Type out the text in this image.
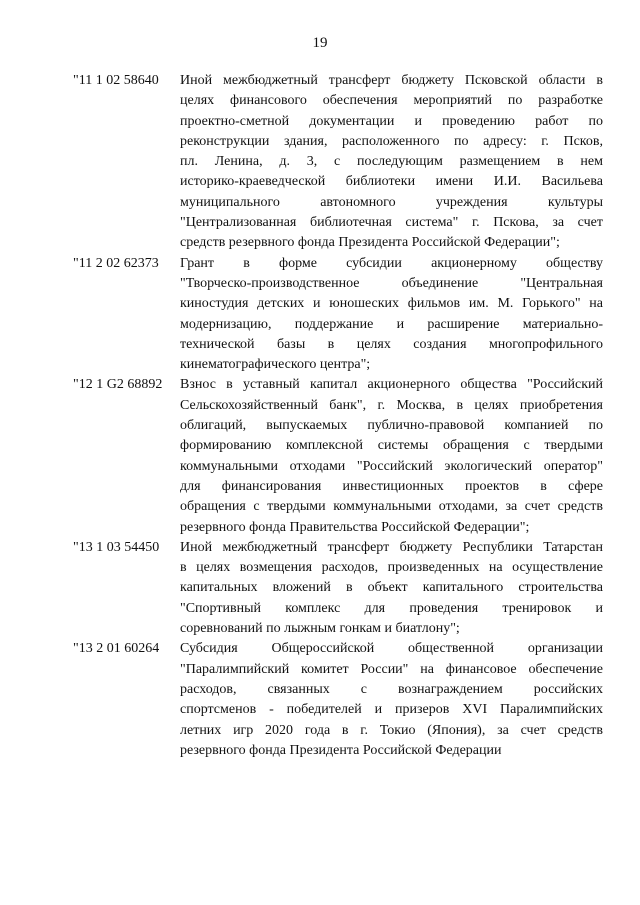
19
"11 1 02 58640	Иной межбюджетный трансферт бюджету Псковской области в
целях финансового обеспечения мероприятий по разработке
проектно-сметной документации и проведению работ по
реконструкции здания, расположенного по адресу: г. Псков,
пл. Ленина, д. 3, с последующим размещением в нем
историко-краеведческой библиотеки имени И.И. Васильева
муниципального автономного учреждения культуры
"Централизованная библиотечная система" г. Пскова, за счет
средств резервного фонда Президента Российской Федерации";
"11 2 02 62373	Грант в форме субсидии акционерному обществу
"Творческо-производственное объединение "Центральная
киностудия детских и юношеских фильмов им. М. Горького" на
модернизацию, поддержание и расширение материально-
технической базы в целях создания многопрофильного
кинематографического центра";
"12 1 G2 68892	Взнос в уставный капитал акционерного общества "Российский
Сельскохозяйственный банк", г. Москва, в целях приобретения
облигаций, выпускаемых публично-правовой компанией по
формированию комплексной системы обращения с твердыми
коммунальными отходами "Российский экологический оператор"
для финансирования инвестиционных проектов в сфере
обращения с твердыми коммунальными отходами, за счет средств
резервного фонда Правительства Российской Федерации";
"13 1 03 54450	Иной межбюджетный трансферт бюджету Республики Татарстан
в целях возмещения расходов, произведенных на осуществление
капитальных вложений в объект капитального строительства
"Спортивный комплекс для проведения тренировок и
соревнований по лыжным гонкам и биатлону";
"13 2 01 60264	Субсидия Общероссийской общественной организации
"Паралимпийский комитет России" на финансовое обеспечение
расходов, связанных с вознаграждением российских
спортсменов - победителей и призеров XVI Паралимпийских
летних игр 2020 года в г. Токио (Япония), за счет средств
резервного фонда Президента Российской Федерации
